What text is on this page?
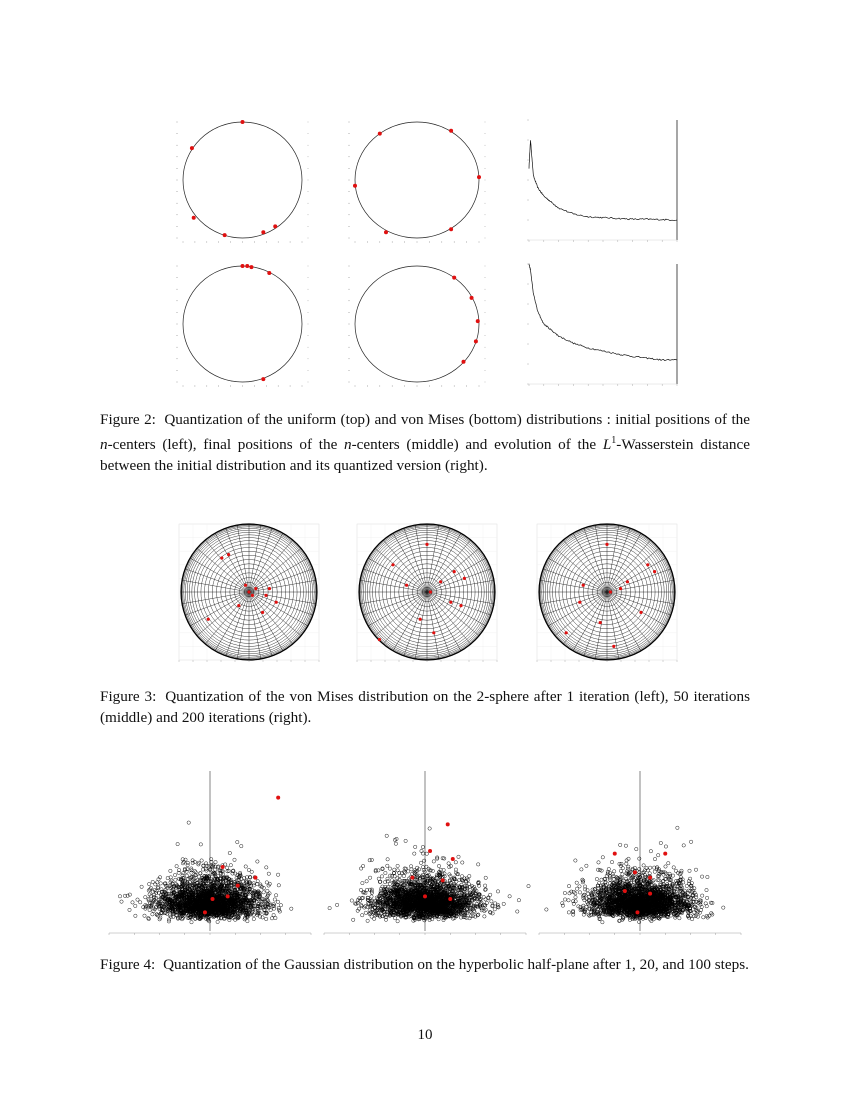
Figure 2: Quantization of the uniform (top) and von Mises (bottom) distributions : initial positions of the n-centers (left), final positions of the n-centers (middle) and evolution of the $L^1$-Wasserstein distance between the initial distribution and its quantized version (right).
Figure 3: Quantization of the von Mises distribution on the 2-sphere after 1 iteration (left), 50 iterations (middle) and 200 iterations (right).
Figure 4: Quantization of the Gaussian distribution on the hyperbolic half-plane after 1, 20, and 100 steps.
10
